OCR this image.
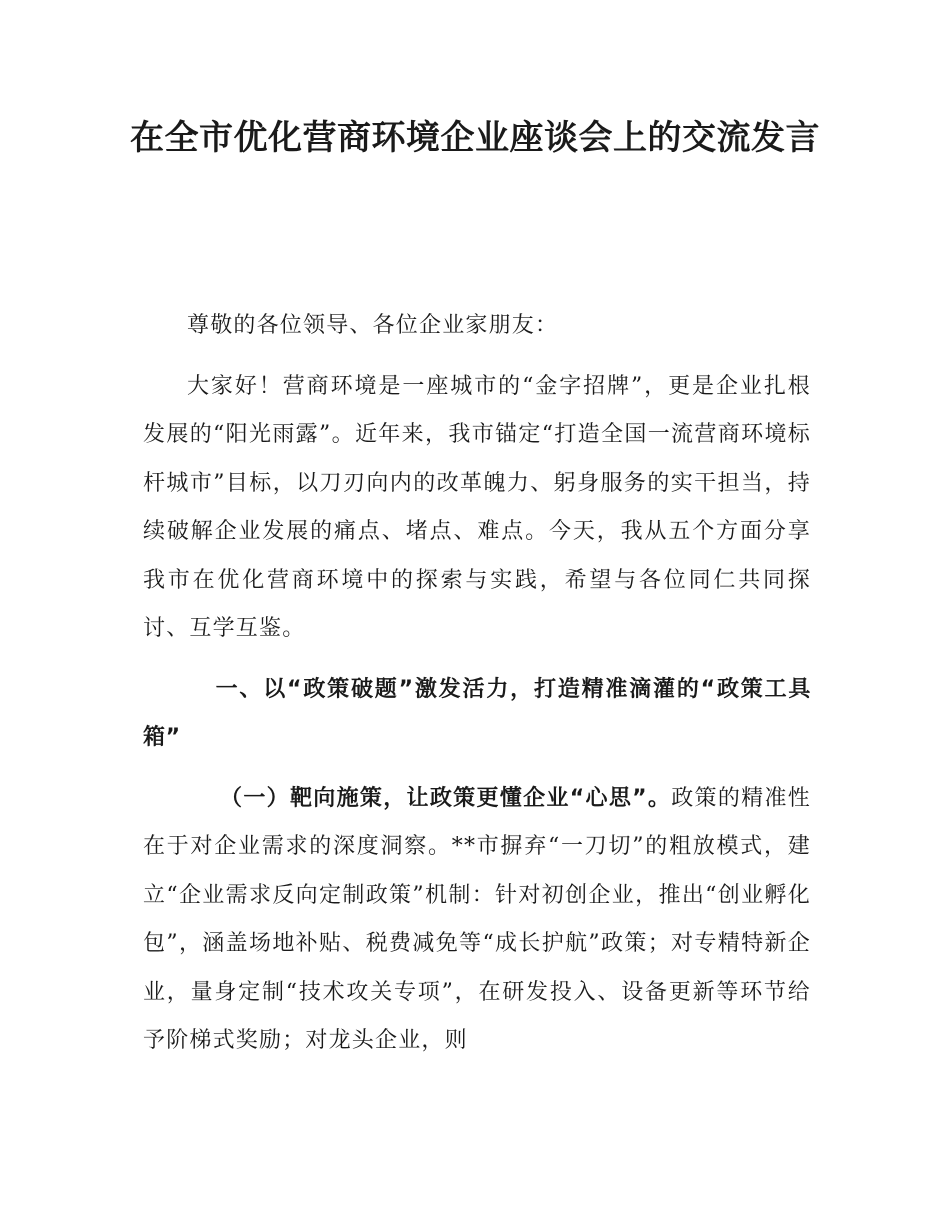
在全市优化营商环境企业座谈会上的交流发言

尊敬的各位领导、各位企业家朋友：

大家好！营商环境是一座城市的“金字招牌”，更是企业扎根发展的“阳光雨露”。近年来，我市锚定“打造全国一流营商环境标杆城市”目标，以刀刃向内的改革魄力、躬身服务的实干担当，持续破解企业发展的痛点、堵点、难点。今天，我从五个方面分享我市在优化营商环境中的探索与实践，希望与各位同仁共同探讨、互学互鉴。

一、以“政策破题”激发活力，打造精准滴灌的“政策工具箱”

（一）靶向施策，让政策更懂企业“心思”。政策的精准性在于对企业需求的深度洞察。**市摒弃“一刀切”的粗放模式，建立“企业需求反向定制政策”机制：针对初创企业，推出“创业孵化包”，涵盖场地补贴、税费减免等“成长护航”政策；对专精特新企业，量身定制“技术攻关专项”，在研发投入、设备更新等环节给予阶梯式奖励；对龙头企业，则
